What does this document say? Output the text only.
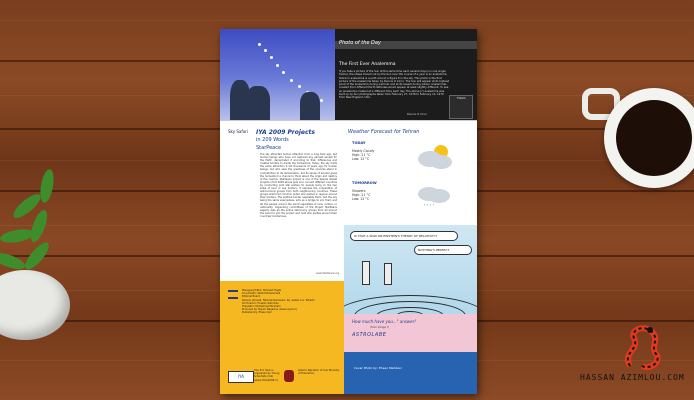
HASSAN AZIMLOU.COM
Photo of the Day
The First Ever Analemma
If you take a picture of the Sun at the same time each several days (on one single frame), the shape traced out by the Sun over the course of a year is an analemma. Tehran's analemma is a path around a figure 8 in the sky. This photo is the first picture of the analemma taken by Dennis di Cicco. The Sun will appear at its highest point of the analemma during summer and at its lowest during winter. Analemmas created from different Earth latitudes would appear at least slightly different. To see an analemma created at a different time each day. The above (?) analemma was built up by Sun photographs taken from February 27, 1978 to February 12, 1979 from New England, USA.
Dennis di Cicco
TWAN
Sky Safari	IYA 2009 Projects
in 209 Words
StarPeace
The sky attracted human attention from a long time ago, but human beings who have not captured any earnest except for the Earth, demarcated it according to their differences and created borders to divide the humankind. Today, the sky holds the same attraction it did thousands of years ago for human beings, but who sees the greatness of the universe stand in contradiction to its demarcation, but its sense of wonder gives the humankind a chance to think about the origin and destiny of the cosmos. StarPeace project is one of the Special Global projects of IYA 2009 whose goal is to connect different countries by conducting joint star parties for people living on the two sides of land or sea borders. It requires the cooperation of astronomical groups from both neighbouring countries. These groups shall hold common public star parties in regions around their borders. The political border separates them, but the sky being the same everywhere, acts as a bridge to join them and let the people around the world regardless of race, culture, or nationality. Organizing committees of the Project StarPeace eagerly asks all the active astronomy groups from all around the world to join the project and hold star parties around their countries' borderlines.
www.StarPeace.org
Weather Forecast for Tehran
TODAY
Mostly Cloudy
High: 21 °C
Low: 12 °C
TOMORROW
Showers
High: 21 °C
Low: 12 °C
' ' ' '
IS THAT A SIGN ON EINSTEIN'S THEORY OF RELATIVITY?
NOTHING'S PERFECT
How much have you..." answer!
(from image ?)
ASTROLABE
Cover Photo by: Ehsan Mahdavi
Managing Editor: Rohollah Haghi
Coordinator: Nahid Mohammadi
Editorial Board:
Kamran Ahmadi, Fahimeh Ramezani, N.J. Sadat, S.A. Tafreshi
Art Director: Hossein Rahimian
Translator: Mohammad Mirshahi
Produced by: Nojum Magazine (www.nojum.ir)
Published by: Ehsan Dari
IYA
The 3rd IYAA is organized by Young Scientists Club (www.IYAA2009.ir)
Islamic Republic of Iran Ministry of Education
